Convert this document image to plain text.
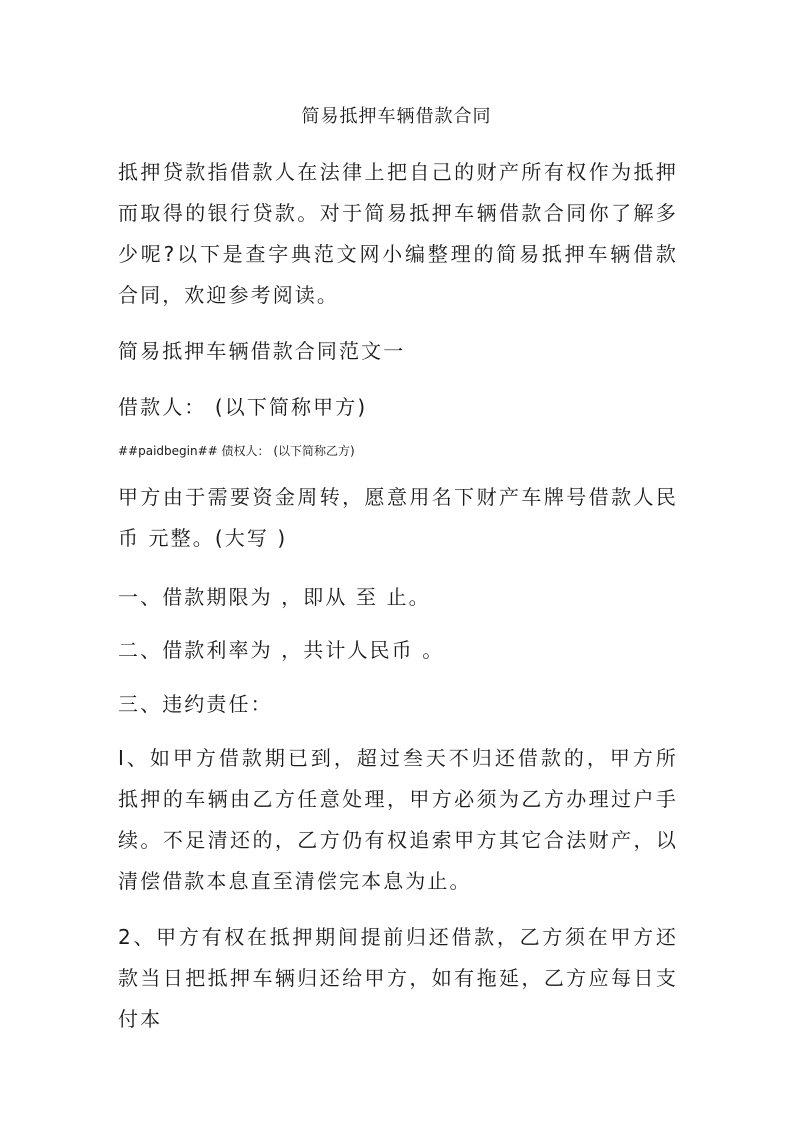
简易抵押车辆借款合同

抵押贷款指借款人在法律上把自己的财产所有权作为抵押而取得的银行贷款。对于简易抵押车辆借款合同你了解多少呢?以下是查字典范文网小编整理的简易抵押车辆借款合同，欢迎参考阅读。

简易抵押车辆借款合同范文一

借款人： (以下简称甲方)

##paidbegin## 债权人： (以下简称乙方)

甲方由于需要资金周转，愿意用名下财产车牌号借款人民币 元整。(大写 )

一、借款期限为 ，即从 至 止。

二、借款利率为 ，共计人民币 。

三、违约责任：

I、如甲方借款期已到，超过叁天不归还借款的，甲方所抵押的车辆由乙方任意处理，甲方必须为乙方办理过户手续。不足清还的，乙方仍有权追索甲方其它合法财产，以清偿借款本息直至清偿完本息为止。

2、甲方有权在抵押期间提前归还借款，乙方须在甲方还款当日把抵押车辆归还给甲方，如有拖延，乙方应每日支付本
